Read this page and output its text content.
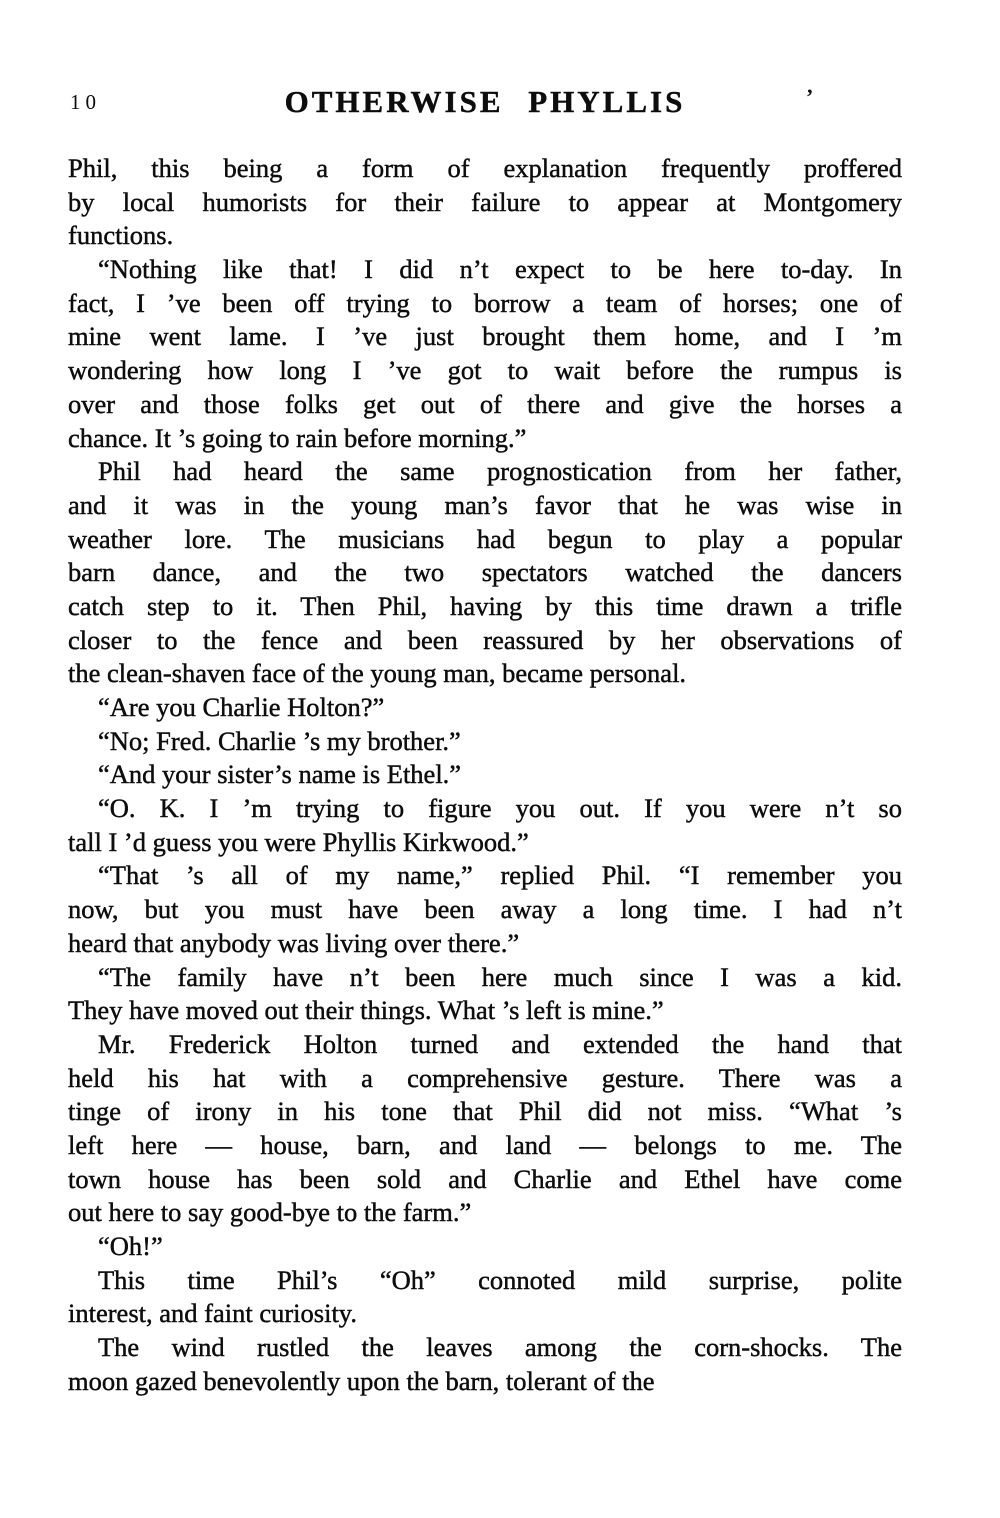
10	OTHERWISE PHYLLIS	’
Phil, this being a form of explanation frequently proffered
by local humorists for their failure to appear at Montgomery
functions.
“Nothing like that! I did n’t expect to be here to-day. In
fact, I ’ve been off trying to borrow a team of horses; one of
mine went lame. I ’ve just brought them home, and I ’m
wondering how long I ’ve got to wait before the rumpus is
over and those folks get out of there and give the horses a
chance. It ’s going to rain before morning.”
Phil had heard the same prognostication from her father,
and it was in the young man’s favor that he was wise in
weather lore. The musicians had begun to play a popular
barn dance, and the two spectators watched the dancers
catch step to it. Then Phil, having by this time drawn a trifle
closer to the fence and been reassured by her observations of
the clean-shaven face of the young man, became personal.
“Are you Charlie Holton?”
“No; Fred. Charlie ’s my brother.”
“And your sister’s name is Ethel.”
“O. K. I ’m trying to figure you out. If you were n’t so
tall I ’d guess you were Phyllis Kirkwood.”
“That ’s all of my name,” replied Phil. “I remember you
now, but you must have been away a long time. I had n’t
heard that anybody was living over there.”
“The family have n’t been here much since I was a kid.
They have moved out their things. What ’s left is mine.”
Mr. Frederick Holton turned and extended the hand that
held his hat with a comprehensive gesture. There was a
tinge of irony in his tone that Phil did not miss. “What ’s
left here — house, barn, and land — belongs to me. The
town house has been sold and Charlie and Ethel have come
out here to say good-bye to the farm.”
“Oh!”
This time Phil’s “Oh” connoted mild surprise, polite
interest, and faint curiosity.
The wind rustled the leaves among the corn-shocks. The
moon gazed benevolently upon the barn, tolerant of the
